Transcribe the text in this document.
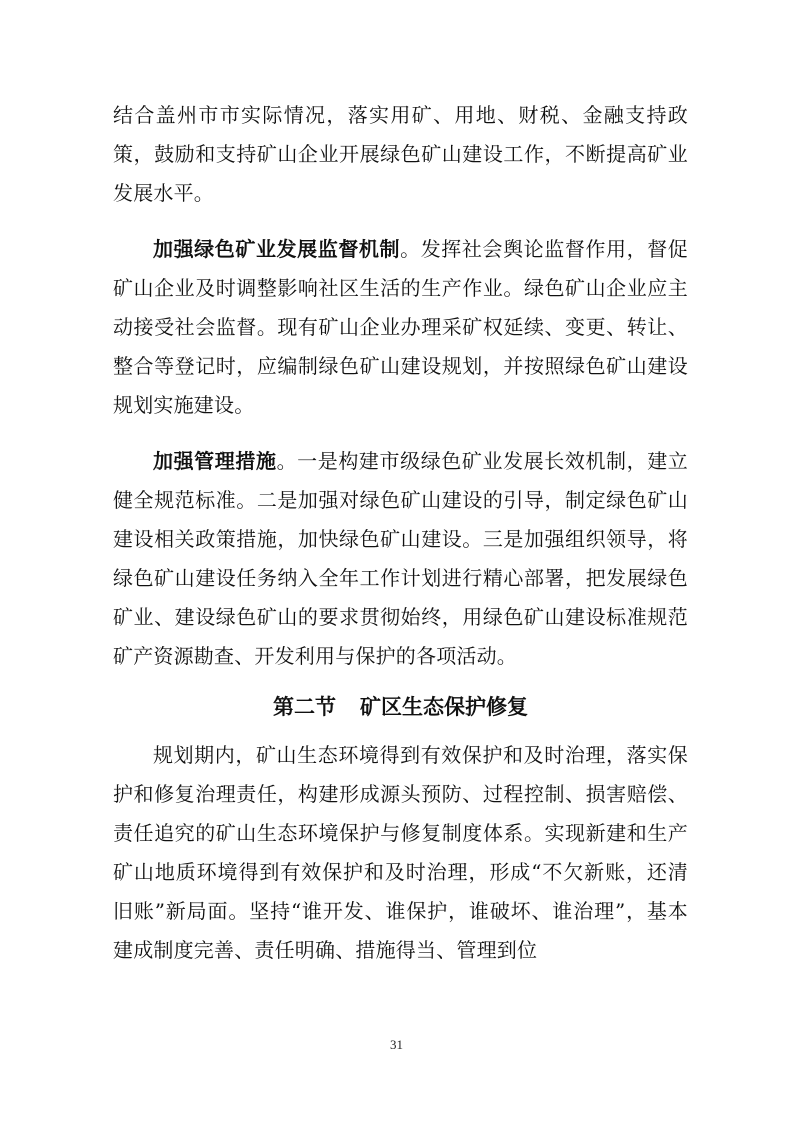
结合盖州市市实际情况，落实用矿、用地、财税、金融支持政策，鼓励和支持矿山企业开展绿色矿山建设工作，不断提高矿业发展水平。

加强绿色矿业发展监督机制。发挥社会舆论监督作用，督促矿山企业及时调整影响社区生活的生产作业。绿色矿山企业应主动接受社会监督。现有矿山企业办理采矿权延续、变更、转让、整合等登记时，应编制绿色矿山建设规划，并按照绿色矿山建设规划实施建设。

加强管理措施。一是构建市级绿色矿业发展长效机制，建立健全规范标准。二是加强对绿色矿山建设的引导，制定绿色矿山建设相关政策措施，加快绿色矿山建设。三是加强组织领导，将绿色矿山建设任务纳入全年工作计划进行精心部署，把发展绿色矿业、建设绿色矿山的要求贯彻始终，用绿色矿山建设标准规范矿产资源勘查、开发利用与保护的各项活动。

第二节 矿区生态保护修复

规划期内，矿山生态环境得到有效保护和及时治理，落实保护和修复治理责任，构建形成源头预防、过程控制、损害赔偿、责任追究的矿山生态环境保护与修复制度体系。实现新建和生产矿山地质环境得到有效保护和及时治理，形成“不欠新账，还清旧账”新局面。坚持“谁开发、谁保护，谁破坏、谁治理”，基本建成制度完善、责任明确、措施得当、管理到位

31
